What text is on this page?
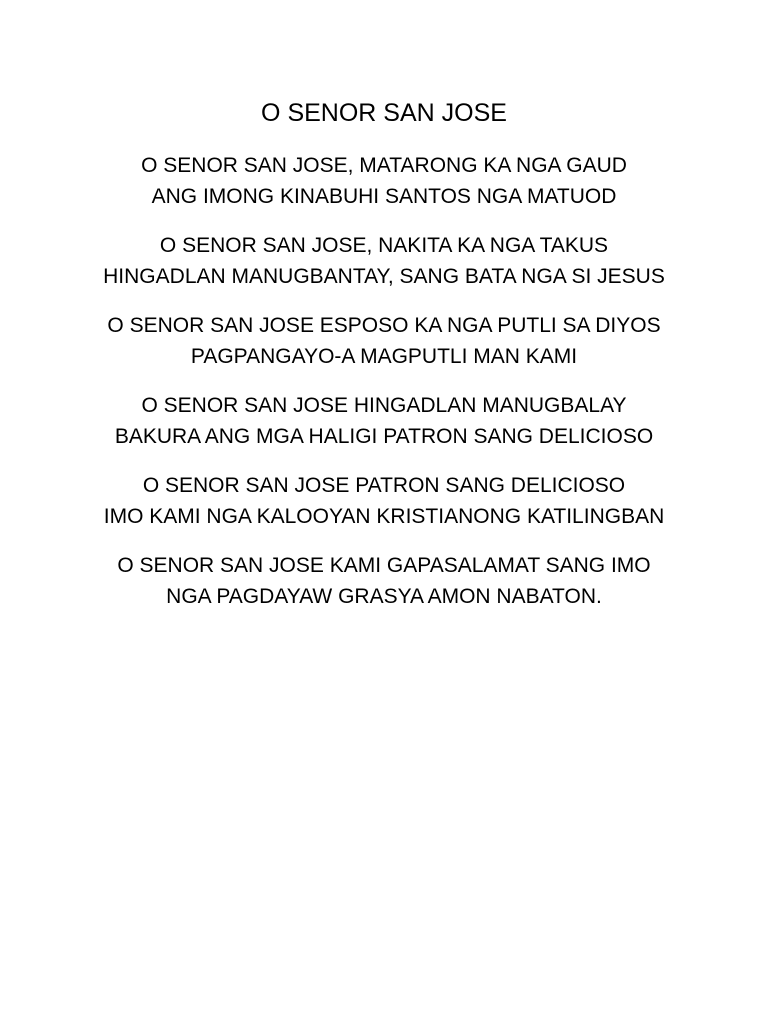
O SENOR SAN JOSE
O SENOR SAN JOSE, MATARONG KA NGA GAUD
ANG IMONG KINABUHI SANTOS NGA MATUOD
O SENOR SAN JOSE, NAKITA KA NGA TAKUS
HINGADLAN MANUGBANTAY, SANG BATA NGA SI JESUS
O SENOR SAN JOSE ESPOSO KA NGA PUTLI SA DIYOS
PAGPANGAYO-A MAGPUTLI MAN KAMI
O SENOR SAN JOSE HINGADLAN MANUGBALAY
BAKURA ANG MGA HALIGI PATRON SANG DELICIOSO
O SENOR SAN JOSE PATRON SANG DELICIOSO
IMO KAMI NGA KALOOYAN KRISTIANONG KATILINGBAN
O SENOR SAN JOSE KAMI GAPASALAMAT SANG IMO
NGA PAGDAYAW GRASYA AMON NABATON.
